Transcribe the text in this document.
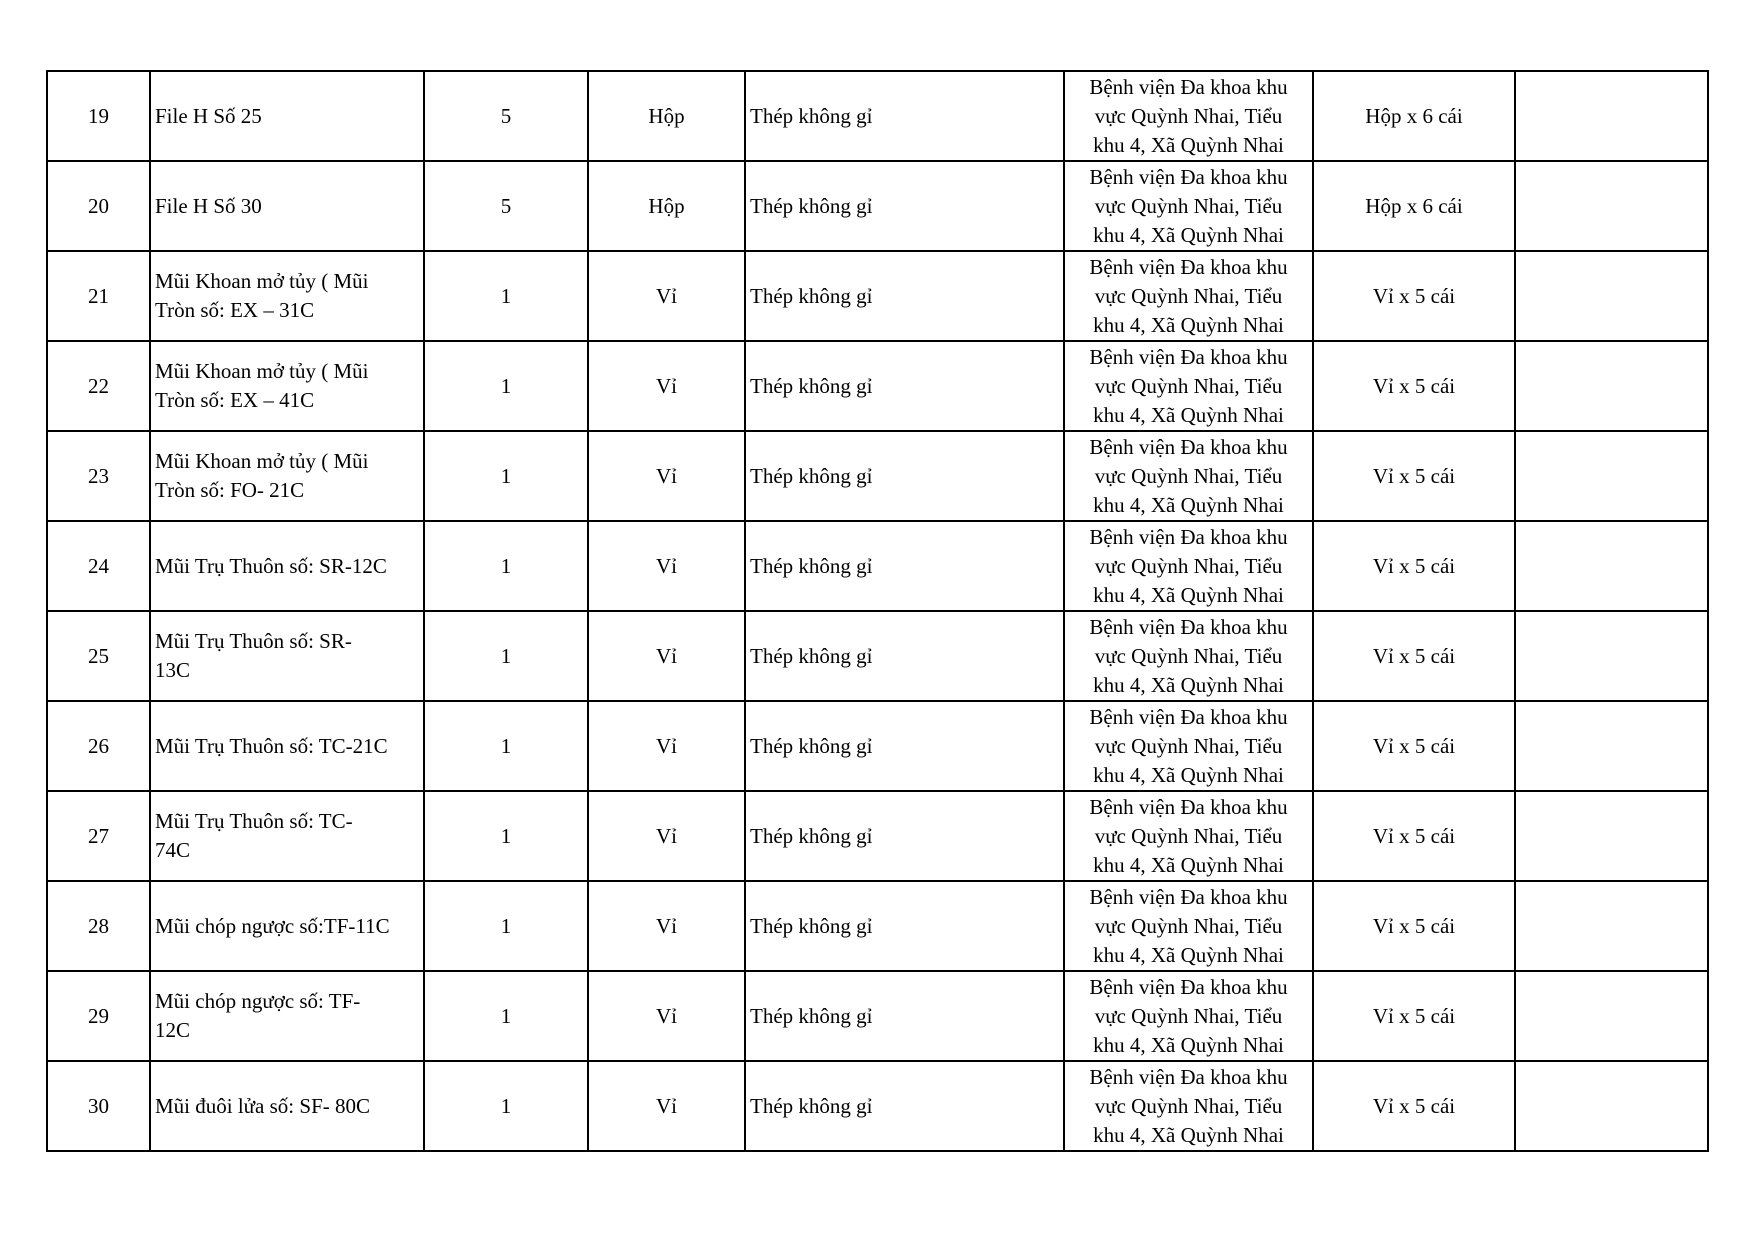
19	File H Số 25	5	Hộp	Thép không gỉ	Bệnh viện Đa khoa khu
vực Quỳnh Nhai, Tiểu
khu 4, Xã Quỳnh Nhai	Hộp x 6 cái	
20	File H Số 30	5	Hộp	Thép không gỉ	Bệnh viện Đa khoa khu
vực Quỳnh Nhai, Tiểu
khu 4, Xã Quỳnh Nhai	Hộp x 6 cái	
21	Mũi Khoan mở tủy ( Mũi
Tròn số: EX – 31C	1	Vỉ	Thép không gỉ	Bệnh viện Đa khoa khu
vực Quỳnh Nhai, Tiểu
khu 4, Xã Quỳnh Nhai	Vỉ x 5 cái	
22	Mũi Khoan mở tủy ( Mũi
Tròn số: EX – 41C	1	Vỉ	Thép không gỉ	Bệnh viện Đa khoa khu
vực Quỳnh Nhai, Tiểu
khu 4, Xã Quỳnh Nhai	Vỉ x 5 cái	
23	Mũi Khoan mở tủy ( Mũi
Tròn số: FO- 21C	1	Vỉ	Thép không gỉ	Bệnh viện Đa khoa khu
vực Quỳnh Nhai, Tiểu
khu 4, Xã Quỳnh Nhai	Vỉ x 5 cái	
24	Mũi Trụ Thuôn số: SR-12C	1	Vỉ	Thép không gỉ	Bệnh viện Đa khoa khu
vực Quỳnh Nhai, Tiểu
khu 4, Xã Quỳnh Nhai	Vỉ x 5 cái	
25	Mũi Trụ Thuôn số: SR-
13C	1	Vỉ	Thép không gỉ	Bệnh viện Đa khoa khu
vực Quỳnh Nhai, Tiểu
khu 4, Xã Quỳnh Nhai	Vỉ x 5 cái	
26	Mũi Trụ Thuôn số: TC-21C	1	Vỉ	Thép không gỉ	Bệnh viện Đa khoa khu
vực Quỳnh Nhai, Tiểu
khu 4, Xã Quỳnh Nhai	Vỉ x 5 cái	
27	Mũi Trụ Thuôn số: TC-
74C	1	Vỉ	Thép không gỉ	Bệnh viện Đa khoa khu
vực Quỳnh Nhai, Tiểu
khu 4, Xã Quỳnh Nhai	Vỉ x 5 cái	
28	Mũi chóp ngược số:TF-11C	1	Vỉ	Thép không gỉ	Bệnh viện Đa khoa khu
vực Quỳnh Nhai, Tiểu
khu 4, Xã Quỳnh Nhai	Vỉ x 5 cái	
29	Mũi chóp ngược số: TF-
12C	1	Vỉ	Thép không gỉ	Bệnh viện Đa khoa khu
vực Quỳnh Nhai, Tiểu
khu 4, Xã Quỳnh Nhai	Vỉ x 5 cái	
30	Mũi đuôi lửa số: SF- 80C	1	Vỉ	Thép không gỉ	Bệnh viện Đa khoa khu
vực Quỳnh Nhai, Tiểu
khu 4, Xã Quỳnh Nhai	Vỉ x 5 cái	
